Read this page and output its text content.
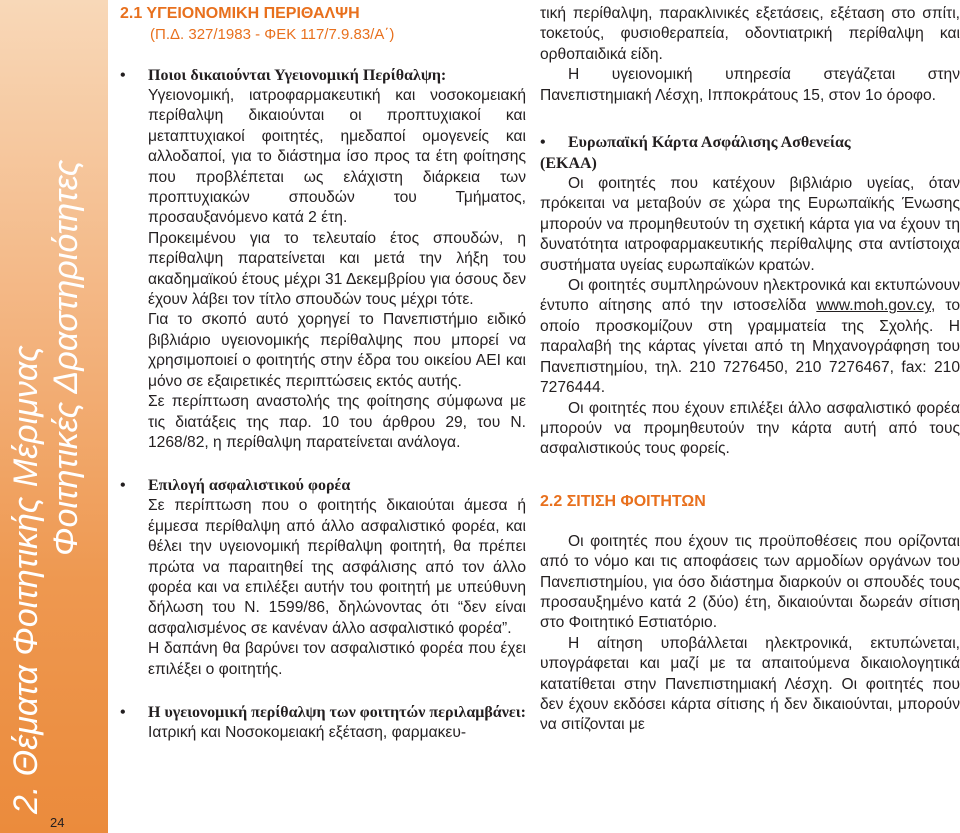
2. Θέματα Φοιτητικής Μέριμνας Φοιτητικές Δραστηριότητες
24
2.1 ΥΓΕΙΟΝΟΜΙΚΗ ΠΕΡΙΘΑΛΨΗ
(Π.Δ. 327/1983 - ΦΕΚ 117/7.9.83/Α΄)
• Ποιοι δικαιούνται Υγειονομική Περίθαλψη:

Υγειονομική, ιατροφαρμακευτική και νοσοκομειακή περίθαλψη δικαιούνται οι προπτυχιακοί και μεταπτυχιακοί φοιτητές, ημεδαποί ομογενείς και αλλοδαποί, για το διάστημα ίσο προς τα έτη φοίτησης που προβλέπεται ως ελάχιστη διάρκεια των προπτυχιακών σπουδών του Τμήματος, προσαυξανόμενο κατά 2 έτη.

Προκειμένου για το τελευταίο έτος σπουδών, η περίθαλψη παρατείνεται και μετά την λήξη του ακαδημαϊκού έτους μέχρι 31 Δεκεμβρίου για όσους δεν έχουν λάβει τον τίτλο σπουδών τους μέχρι τότε.

Για το σκοπό αυτό χορηγεί το Πανεπιστήμιο ειδικό βιβλιάριο υγειονομικής περίθαλψης που μπορεί να χρησιμοποιεί ο φοιτητής στην έδρα του οικείου ΑΕΙ και μόνο σε εξαιρετικές περιπτώσεις εκτός αυτής.

Σε περίπτωση αναστολής της φοίτησης σύμφωνα με τις διατάξεις της παρ. 10 του άρθρου 29, του Ν. 1268/82, η περίθαλψη παρατείνεται ανάλογα.

• Επιλογή ασφαλιστικού φορέα

Σε περίπτωση που ο φοιτητής δικαιούται άμεσα ή έμμεσα περίθαλψη από άλλο ασφαλιστικό φορέα, και θέλει την υγειονομική περίθαλψη φοιτητή, θα πρέπει πρώτα να παραιτηθεί της ασφάλισης από τον άλλο φορέα και να επιλέξει αυτήν του φοιτητή με υπεύθυνη δήλωση του Ν. 1599/86, δηλώνοντας ότι “δεν είναι ασφαλισμένος σε κανέναν άλλο ασφαλιστικό φορέα”.

Η δαπάνη θα βαρύνει τον ασφαλιστικό φορέα που έχει επιλέξει ο φοιτητής.

• Η υγειονομική περίθαλψη των φοιτητών περιλαμβάνει:

Ιατρική και Νοσοκομειακή εξέταση, φαρμακευ-

τική περίθαλψη, παρακλινικές εξετάσεις, εξέταση στο σπίτι, τοκετούς, φυσιοθεραπεία, οδοντιατρική περίθαλψη και ορθοπαιδικά είδη.

Η υγειονομική υπηρεσία στεγάζεται στην Πανεπιστημιακή Λέσχη, Ιπποκράτους 15, στον 1ο όροφο.

• Ευρωπαϊκή Κάρτα Ασφάλισης Ασθενείας
(ΕΚΑΑ)

Οι φοιτητές που κατέχουν βιβλιάριο υγείας, όταν πρόκειται να μεταβούν σε χώρα της Ευρωπαϊκής Ένωσης μπορούν να προμηθευτούν τη σχετική κάρτα για να έχουν τη δυνατότητα ιατροφαρμακευτικής περίθαλψης στα αντίστοιχα συστήματα υγείας ευρωπαϊκών κρατών.

Οι φοιτητές συμπληρώνουν ηλεκτρονικά και εκτυπώνουν έντυπο αίτησης από την ιστοσελίδα www.moh.gov.cy, το οποίο προσκομίζουν στη γραμματεία της Σχολής. Η παραλαβή της κάρτας γίνεται από τη Μηχανογράφηση του Πανεπιστημίου, τηλ. 210 7276450, 210 7276467, fax: 210 7276444.

Οι φοιτητές που έχουν επιλέξει άλλο ασφαλιστικό φορέα μπορούν να προμηθευτούν την κάρτα αυτή από τους ασφαλιστικούς τους φορείς.

2.2 ΣΙΤΙΣΗ ΦΟΙΤΗΤΩΝ

Οι φοιτητές που έχουν τις προϋποθέσεις που ορίζονται από το νόμο και τις αποφάσεις των αρμοδίων οργάνων του Πανεπιστημίου, για όσο διάστημα διαρκούν οι σπουδές τους προσαυξημένο κατά 2 (δύο) έτη, δικαιούνται δωρεάν σίτιση στο Φοιτητικό Εστιατόριο.

Η αίτηση υποβάλλεται ηλεκτρονικά, εκτυπώνεται, υπογράφεται και μαζί με τα απαιτούμενα δικαιολογητικά κατατίθεται στην Πανεπιστημιακή Λέσχη. Οι φοιτητές που δεν έχουν εκδόσει κάρτα σίτισης ή δεν δικαιούνται, μπορούν να σιτίζονται με
